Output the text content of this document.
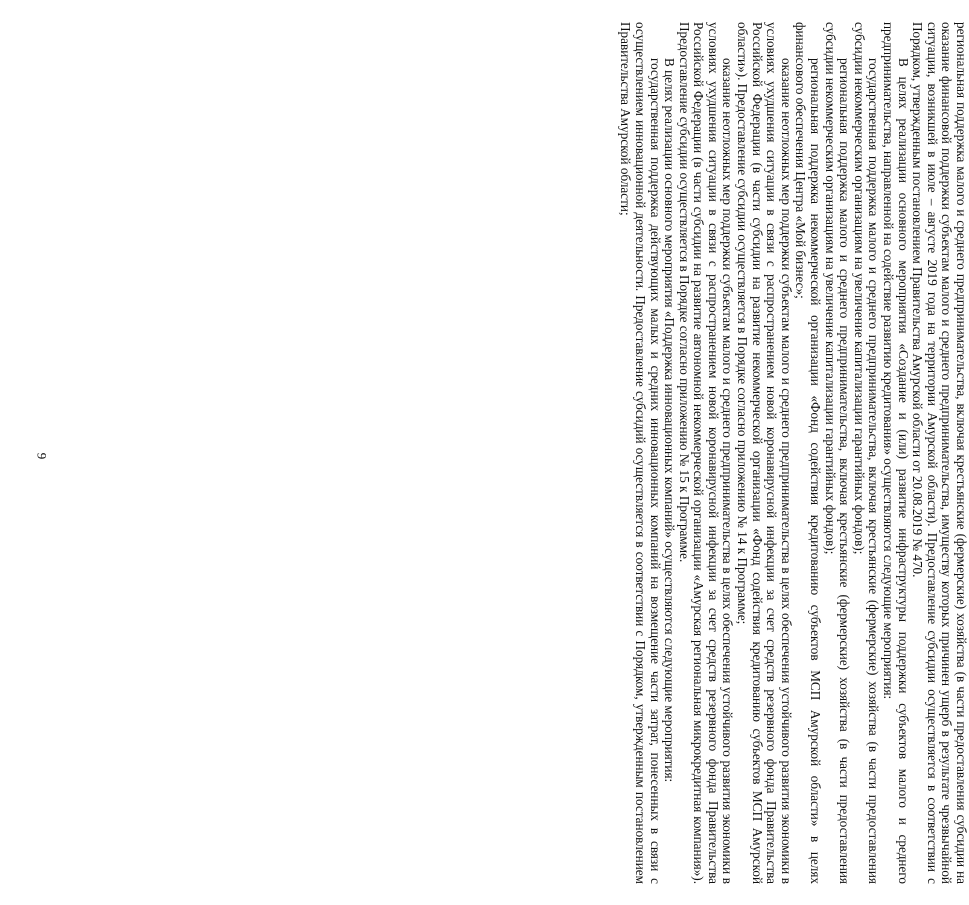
9	региональная поддержка малого и среднего предпринимательства, включая крестьянские (фермерские) хозяйства (в части предоставления субсидии на оказание финансовой поддержки субъектам малого и среднего предпринимательства, имуществу которых причинен ущерб в результате чрезвычайной ситуации, возникшей в июле – августе 2019 года на территории Амурской области). Предоставление субсидии осуществляется в соответствии с Порядком, утвержденным постановлением Правительства Амурской области от 20.08.2019 № 470.

В целях реализации основного мероприятия «Создание и (или) развитие инфраструктуры поддержки субъектов малого и среднего предпринимательства, направленной на содействие развитию кредитования» осуществляются следующие мероприятия:

государственная поддержка малого и среднего предпринимательства, включая крестьянские (фермерские) хозяйства (в части предоставления субсидии некоммерческим организациям на увеличение капитализации гарантийных фондов);

региональная поддержка малого и среднего предпринимательства, включая крестьянские (фермерские) хозяйства (в части предоставления субсидии некоммерческим организациям на увеличение капитализации гарантийных фондов);

региональная поддержка некоммерческой организации «Фонд содействия кредитованию субъектов МСП Амурской области» в целях финансового обеспечения Центра «Мой бизнес»;

оказание неотложных мер поддержки субъектам малого и среднего предпринимательства в целях обеспечения устойчивого развития экономики в условиях ухудшения ситуации в связи с распространением новой коронавирусной инфекции за счет средств резервного фонда Правительства Российской Федерации (в части субсидии на развитие некоммерческой организации «Фонд содействия кредитованию субъектов МСП Амурской области»). Предоставление субсидии осуществляется в Порядке согласно приложению № 14 к Программе;

оказание неотложных мер поддержки субъектам малого и среднего предпринимательства в целях обеспечения устойчивого развития экономики в условиях ухудшения ситуации в связи с распространением новой коронавирусной инфекции за счет средств резервного фонда Правительства Российской Федерации (в части субсидии на развитие автономной некоммерческой организации «Амурская региональная микрокредитная компания»). Предоставление субсидии осуществляется в Порядке согласно приложению № 15 к Программе.

В целях реализации основного мероприятия «Поддержка инновационных компаний» осуществляются следующие мероприятия:

государственная поддержка действующих малых и средних инновационных компаний на возмещение части затрат, понесенных в связи с осуществлением инновационной деятельности. Предоставление субсидий осуществляется в соответствии с Порядком, утвержденным постановлением Правительства Амурской области;
